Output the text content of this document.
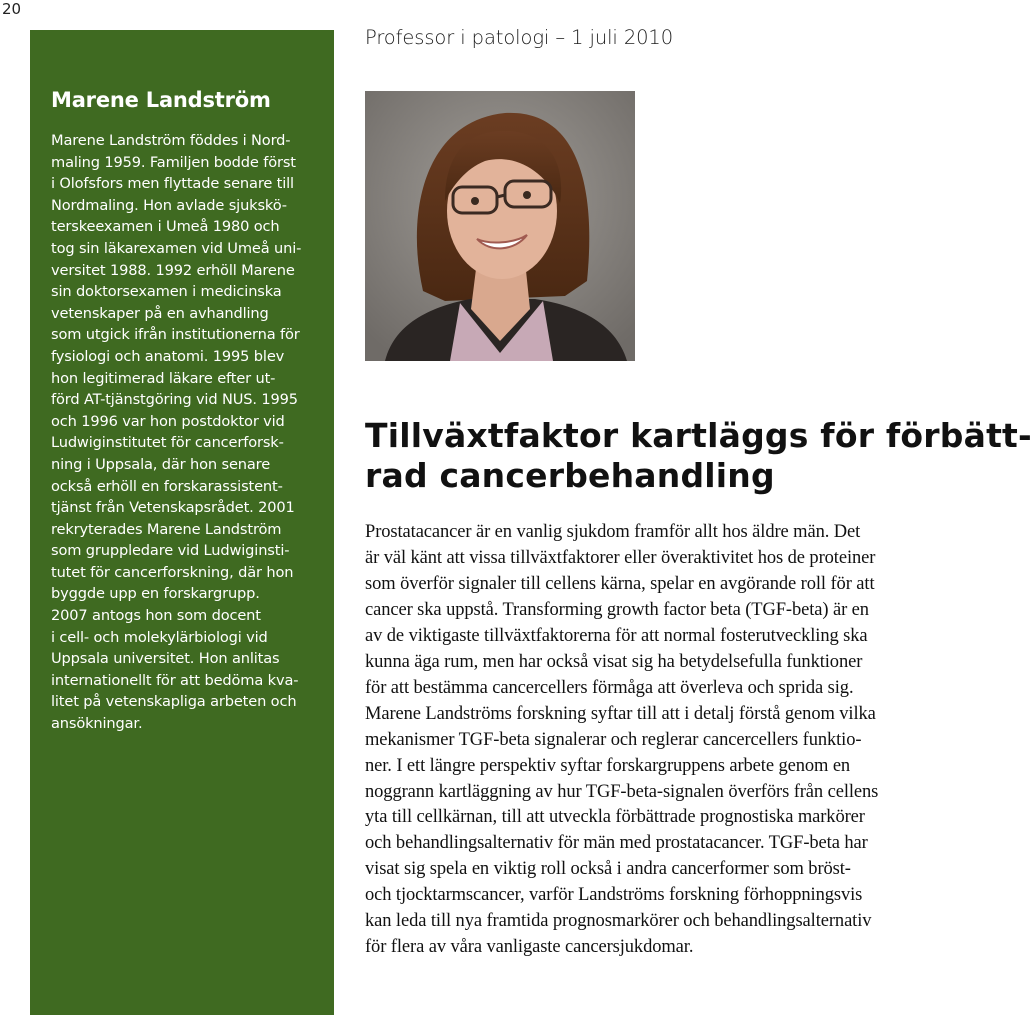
20
Marene Landström
Marene Landström föddes i Nord-
maling 1959. Familjen bodde först
i Olofsfors men flyttade senare till
Nordmaling. Hon avlade sjukskö-
terskeexamen i Umeå 1980 och
tog sin läkarexamen vid Umeå uni-
versitet 1988. 1992 erhöll Marene
sin doktorsexamen i medicinska
vetenskaper på en avhandling
som utgick ifrån institutionerna för
fysiologi och anatomi. 1995 blev
hon legitimerad läkare efter ut-
förd AT-tjänstgöring vid NUS. 1995
och 1996 var hon postdoktor vid
Ludwiginstitutet för cancerforsk-
ning i Uppsala, där hon senare
också erhöll en forskarassistent-
tjänst från Vetenskapsrådet. 2001
rekryterades Marene Landström
som gruppledare vid Ludwiginsti-
tutet för cancerforskning, där hon
byggde upp en forskargrupp.
2007 antogs hon som docent
i cell- och molekylärbiologi vid
Uppsala universitet. Hon anlitas
internationellt för att bedöma kva-
litet på vetenskapliga arbeten och
ansökningar.
Professor i patologi – 1 juli 2010
Tillväxtfaktor kartläggs för förbätt-
rad cancerbehandling
Prostatacancer är en vanlig sjukdom framför allt hos äldre män. Det
är väl känt att vissa tillväxtfaktorer eller överaktivitet hos de proteiner
som överför signaler till cellens kärna, spelar en avgörande roll för att
cancer ska uppstå. Transforming growth factor beta (TGF-beta) är en
av de viktigaste tillväxtfaktorerna för att normal fosterutveckling ska
kunna äga rum, men har också visat sig ha betydelsefulla funktioner
för att bestämma cancercellers förmåga att överleva och sprida sig.
Marene Landströms forskning syftar till att i detalj förstå genom vilka
mekanismer TGF-beta signalerar och reglerar cancercellers funktio-
ner. I ett längre perspektiv syftar forskargruppens arbete genom en
noggrann kartläggning av hur TGF-beta-signalen överförs från cellens
yta till cellkärnan, till att utveckla förbättrade prognostiska markörer
och behandlingsalternativ för män med prostatacancer. TGF-beta har
visat sig spela en viktig roll också i andra cancerformer som bröst-
och tjocktarmscancer, varför Landströms forskning förhoppningsvis
kan leda till nya framtida prognosmarkörer och behandlingsalternativ
för flera av våra vanligaste cancersjukdomar.
